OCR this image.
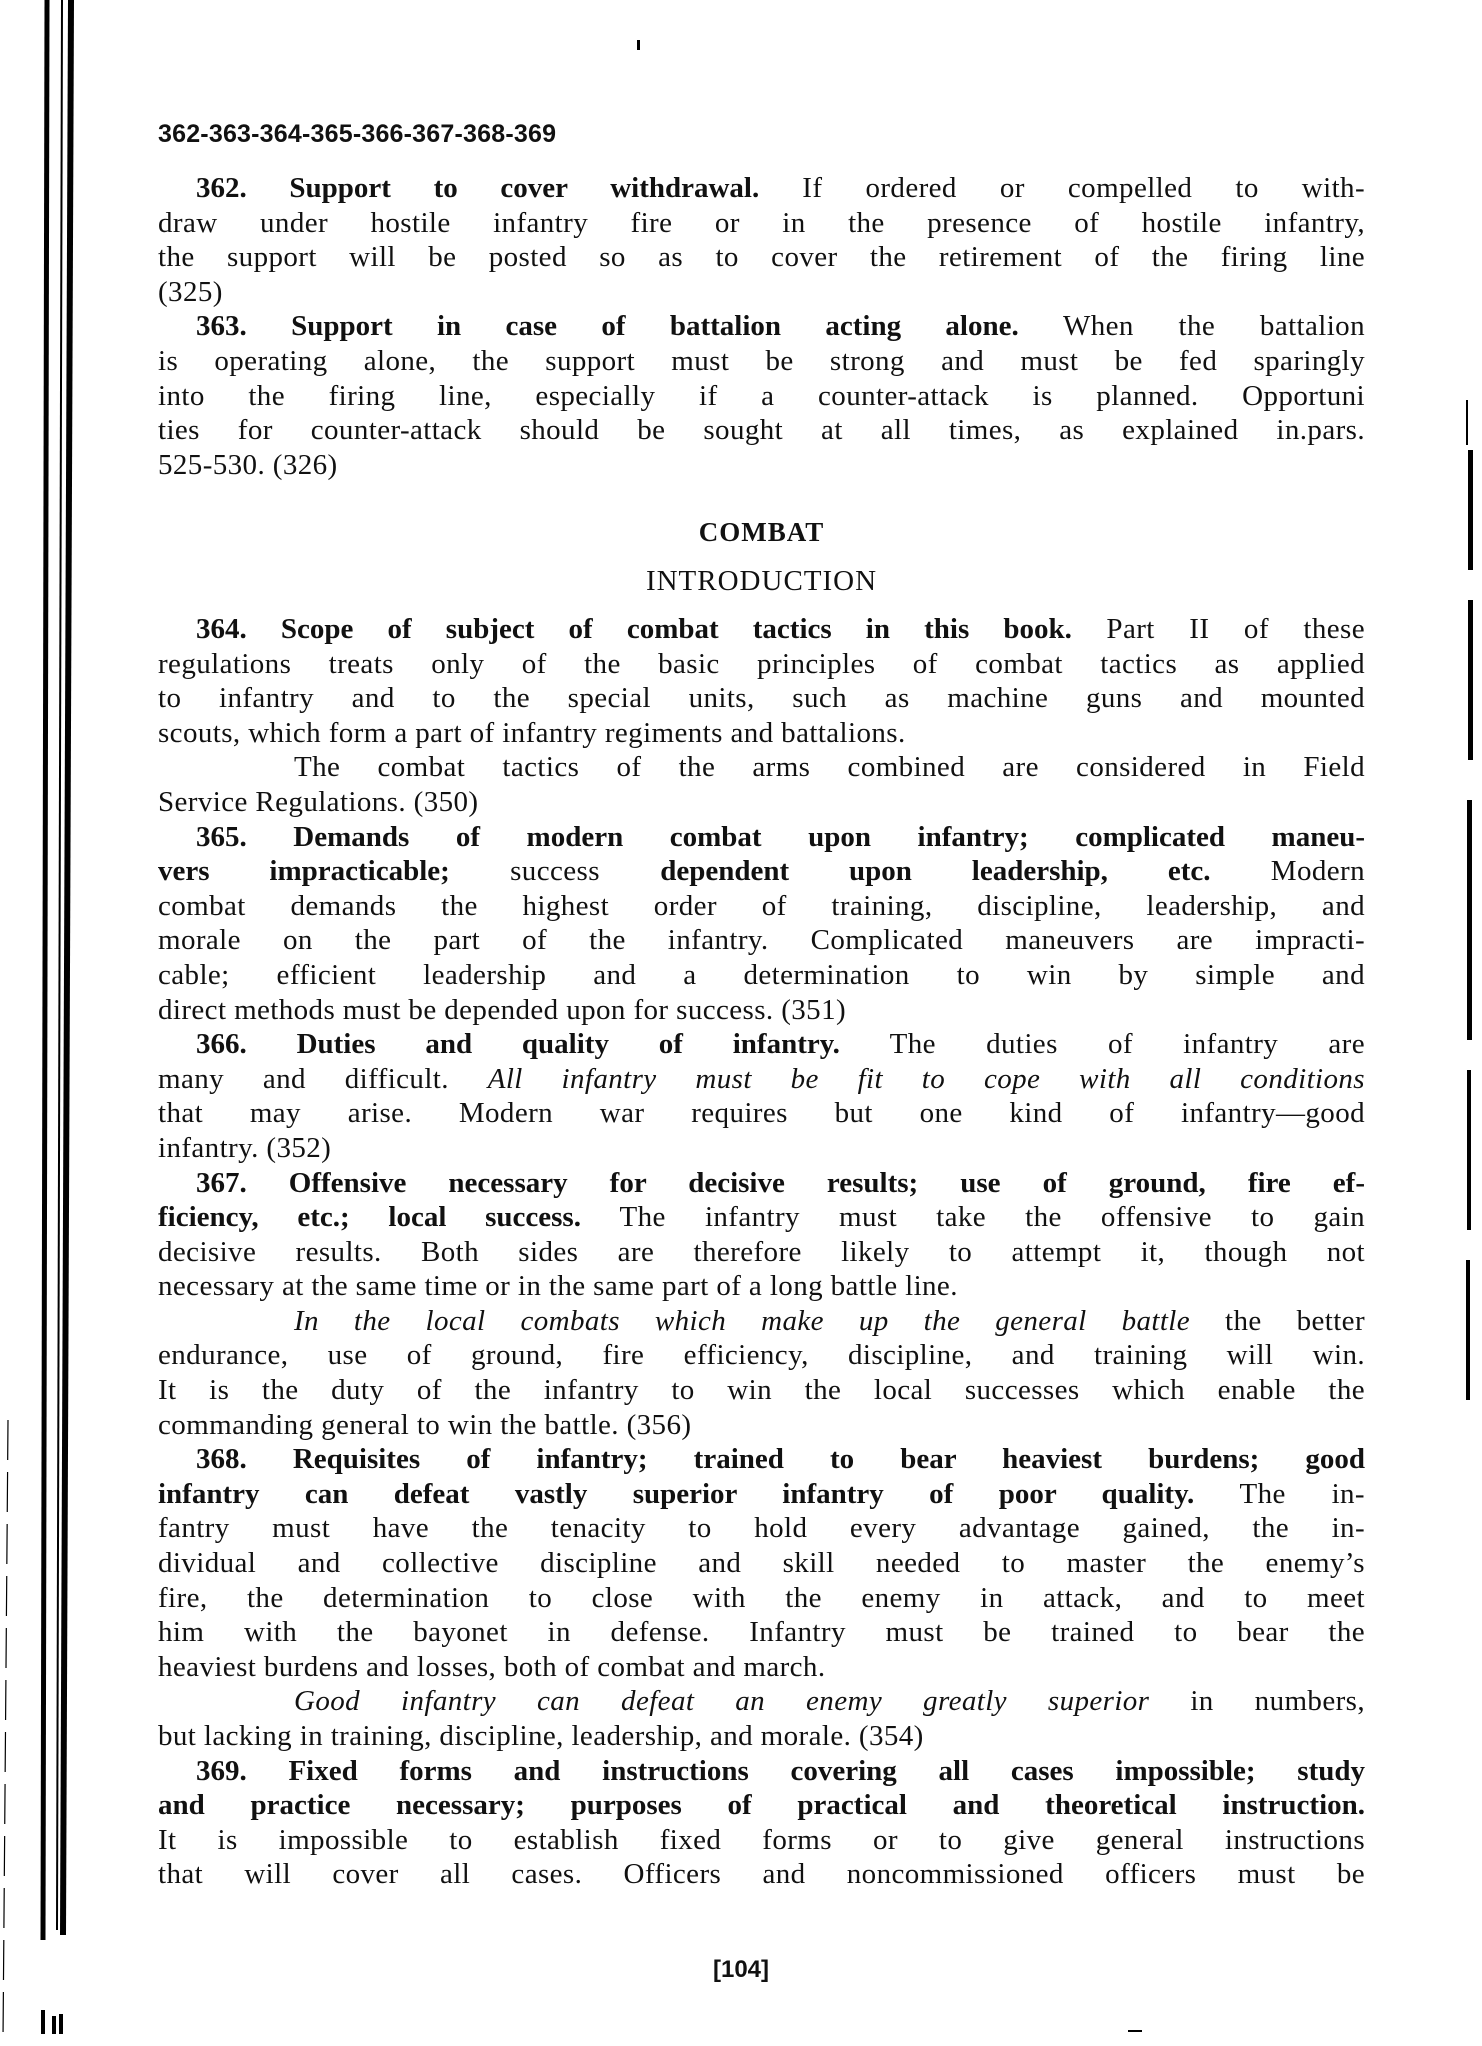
362-363-364-365-366-367-368-369
362. Support to cover withdrawal. If ordered or compelled to with-
draw under hostile infantry fire or in the presence of hostile infantry,
the support will be posted so as to cover the retirement of the firing line
(325)
363. Support in case of battalion acting alone. When the battalion
is operating alone, the support must be strong and must be fed sparingly
into the firing line, especially if a counter-attack is planned. Opportuni
ties for counter-attack should be sought at all times, as explained in.pars.
525-530. (326)
COMBAT
INTRODUCTION
364. Scope of subject of combat tactics in this book. Part II of these
regulations treats only of the basic principles of combat tactics as applied
to infantry and to the special units, such as machine guns and mounted
scouts, which form a part of infantry regiments and battalions.
The combat tactics of the arms combined are considered in Field
Service Regulations. (350)
365. Demands of modern combat upon infantry; complicated maneu-
vers impracticable; success dependent upon leadership, etc. Modern
combat demands the highest order of training, discipline, leadership, and
morale on the part of the infantry. Complicated maneuvers are impracti-
cable; efficient leadership and a determination to win by simple and
direct methods must be depended upon for success. (351)
366. Duties and quality of infantry. The duties of infantry are
many and difficult. All infantry must be fit to cope with all conditions
that may arise. Modern war requires but one kind of infantry—good
infantry. (352)
367. Offensive necessary for decisive results; use of ground, fire ef-
ficiency, etc.; local success. The infantry must take the offensive to gain
decisive results. Both sides are therefore likely to attempt it, though not
necessary at the same time or in the same part of a long battle line.
In the local combats which make up the general battle the better
endurance, use of ground, fire efficiency, discipline, and training will win.
It is the duty of the infantry to win the local successes which enable the
commanding general to win the battle. (356)
368. Requisites of infantry; trained to bear heaviest burdens; good
infantry can defeat vastly superior infantry of poor quality. The in-
fantry must have the tenacity to hold every advantage gained, the in-
dividual and collective discipline and skill needed to master the enemy’s
fire, the determination to close with the enemy in attack, and to meet
him with the bayonet in defense. Infantry must be trained to bear the
heaviest burdens and losses, both of combat and march.
Good infantry can defeat an enemy greatly superior in numbers,
but lacking in training, discipline, leadership, and morale. (354)
369. Fixed forms and instructions covering all cases impossible; study
and practice necessary; purposes of practical and theoretical instruction.
It is impossible to establish fixed forms or to give general instructions
that will cover all cases. Officers and noncommissioned officers must be
[104]
